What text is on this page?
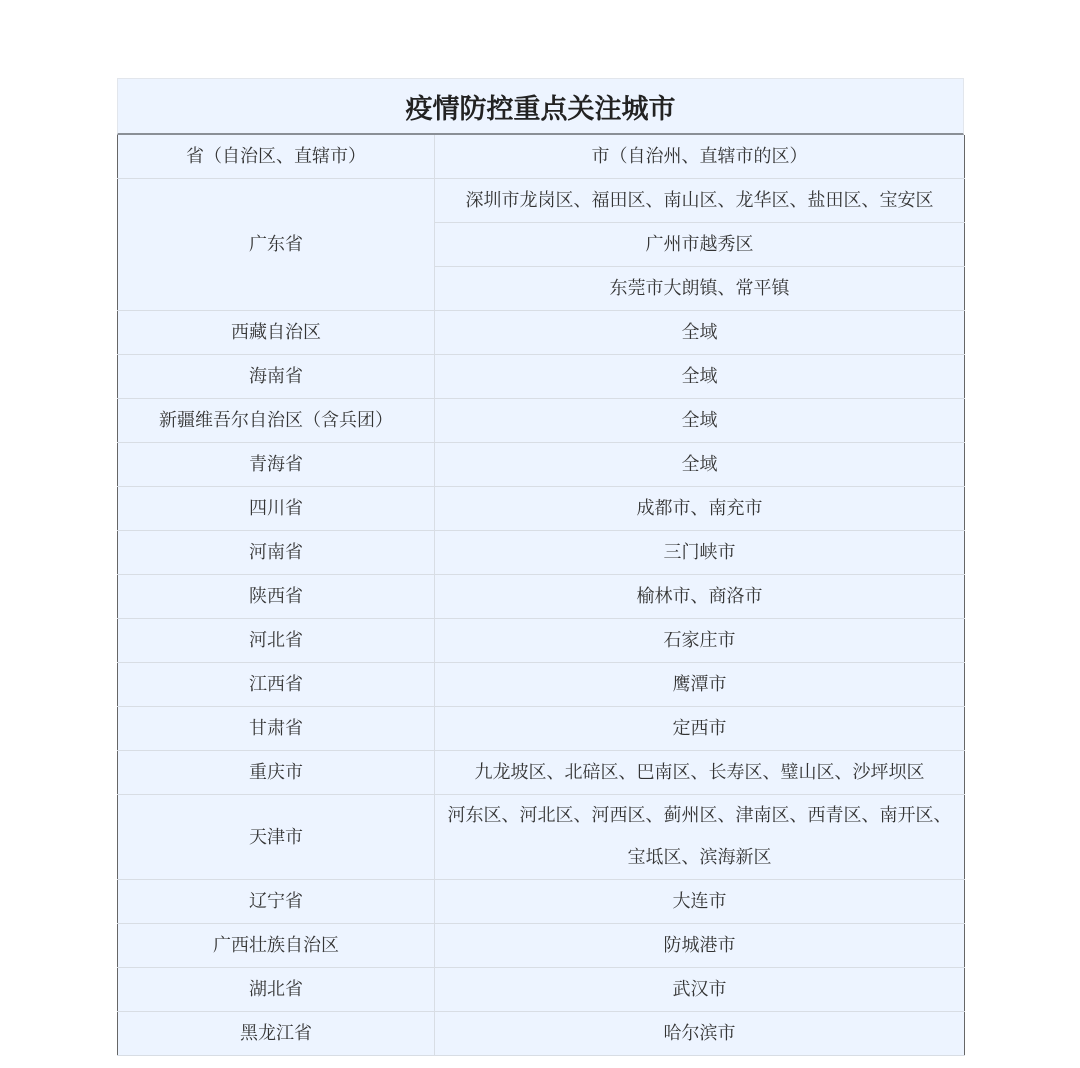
疫情防控重点关注城市
省（自治区、直辖市）	市（自治州、直辖市的区）
广东省	深圳市龙岗区、福田区、南山区、龙华区、盐田区、宝安区
	广州市越秀区
	东莞市大朗镇、常平镇
西藏自治区	全域
海南省	全域
新疆维吾尔自治区（含兵团）	全域
青海省	全域
四川省	成都市、南充市
河南省	三门峡市
陕西省	榆林市、商洛市
河北省	石家庄市
江西省	鹰潭市
甘肃省	定西市
重庆市	九龙坡区、北碚区、巴南区、长寿区、璧山区、沙坪坝区
天津市	河东区、河北区、河西区、蓟州区、津南区、西青区、南开区、宝坻区、滨海新区
辽宁省	大连市
广西壮族自治区	防城港市
湖北省	武汉市
黑龙江省	哈尔滨市
